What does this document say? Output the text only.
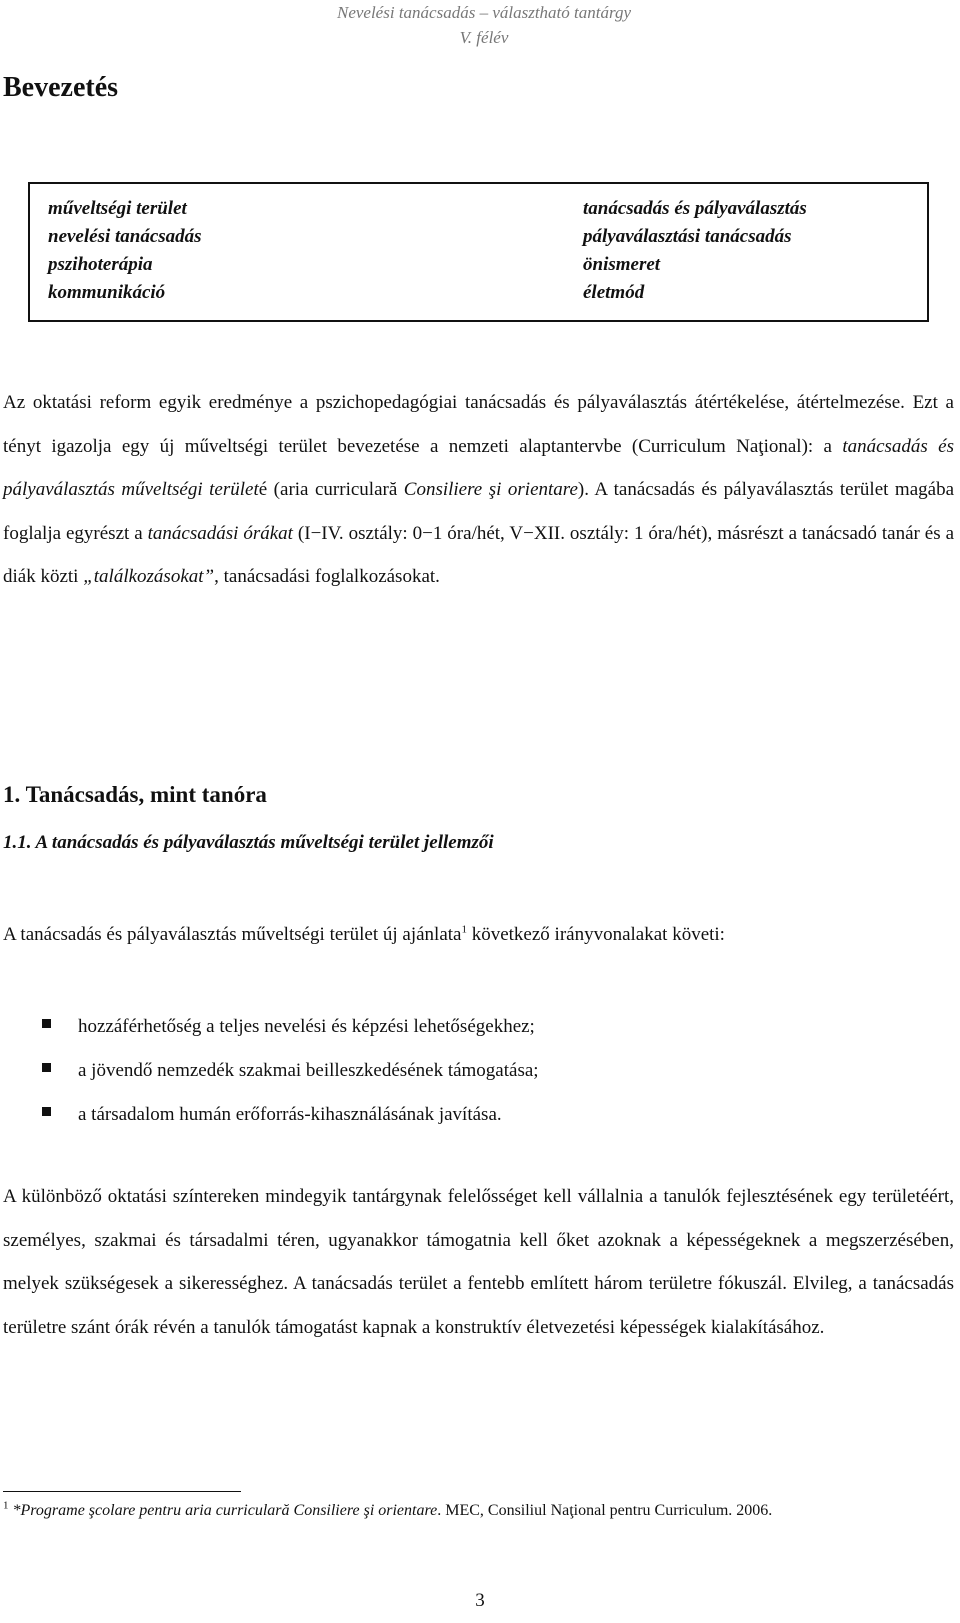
Nevelési tanácsadás – választható tantárgy
V. félév
Bevezetés
műveltségi terület
nevelési tanácsadás
pszihoterápia
kommunikáció
tanácsadás és pályaválasztás
pályaválasztási tanácsadás
önismeret
életmód

Az oktatási reform egyik eredménye a pszichopedagógiai tanácsadás és pályaválasztás átértékelése, átértelmezése. Ezt a tényt igazolja egy új műveltségi terület bevezetése a nemzeti alaptantervbe (Curriculum Naţional): a tanácsadás és pályaválasztás műveltségi területé (aria curriculară Consiliere şi orientare). A tanácsadás és pályaválasztás terület magába foglalja egyrészt a tanácsadási órákat (I−IV. osztály: 0−1 óra/hét, V−XII. osztály: 1 óra/hét), másrészt a tanácsadó tanár és a diák közti „találkozásokat”, tanácsadási foglalkozásokat.

1. Tanácsadás, mint tanóra
1.1. A tanácsadás és pályaválasztás műveltségi terület jellemzői

A tanácsadás és pályaválasztás műveltségi terület új ajánlata$^1$ következő irányvonalakat követi:

hozzáférhetőség a teljes nevelési és képzési lehetőségekhez;
a jövendő nemzedék szakmai beilleszkedésének támogatása;
a társadalom humán erőforrás-kihasználásának javítása.

A különböző oktatási színtereken mindegyik tantárgynak felelősséget kell vállalnia a tanulók fejlesztésének egy területéért, személyes, szakmai és társadalmi téren, ugyanakkor támogatnia kell őket azoknak a képességeknek a megszerzésében, melyek szükségesek a sikerességhez. A tanácsadás terület a fentebb említett három területre fókuszál. Elvileg, a tanácsadás területre szánt órák révén a tanulók támogatást kapnak a konstruktív életvezetési képességek kialakításához.

$^1$ *Programe şcolare pentru aria curriculară Consiliere şi orientare. MEC, Consiliul Naţional pentru Curriculum. 2006.

3
